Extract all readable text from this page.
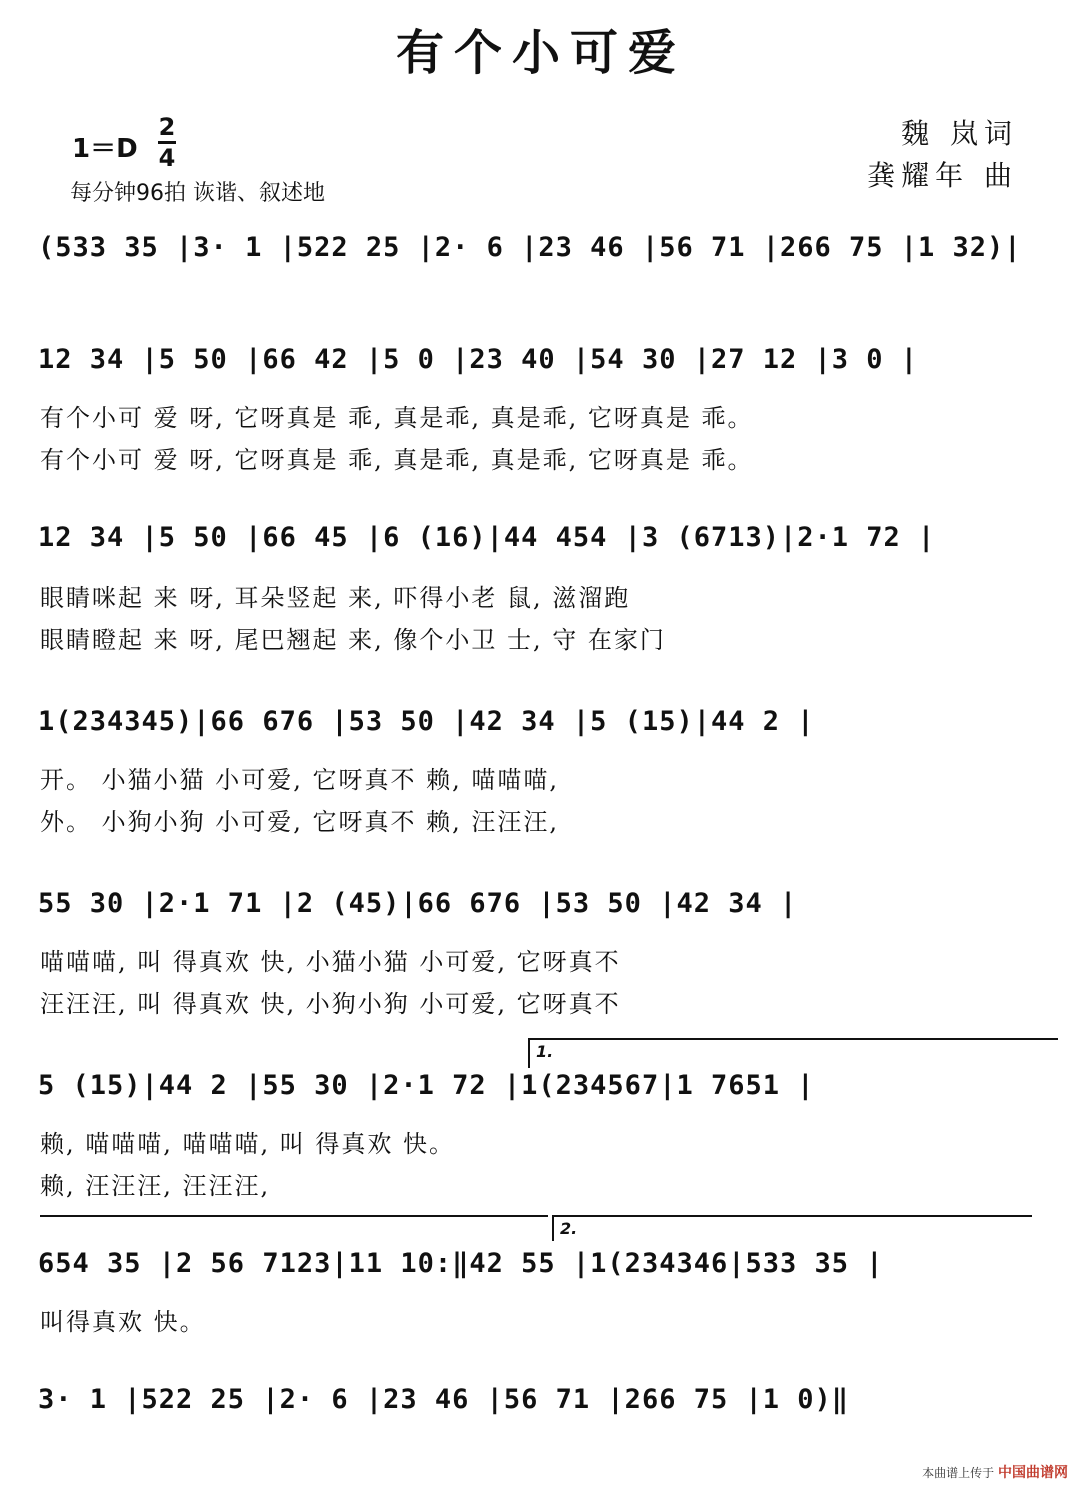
有个小可爱
1＝D
2
4
每分钟96拍 诙谐、叙述地
魏 岚词
龚耀年 曲
(533 35 |3· 1 |522 25 |2· 6 |23 46 |56 71 |266 75 |1 32)|
12 34 |5 50 |66 42 |5 0 |23 40 |54 30 |27 12 |3 0 |
有个小可 爱 呀, 它呀真是 乖, 真是乖, 真是乖, 它呀真是 乖。
有个小可 爱 呀, 它呀真是 乖, 真是乖, 真是乖, 它呀真是 乖。
12 34 |5 50 |66 45 |6 (16)|44 454 |3 (6713)|2·1 72 |
眼睛咪起 来 呀, 耳朵竖起 来, 吓得小老 鼠, 滋溜跑
眼睛瞪起 来 呀, 尾巴翘起 来, 像个小卫 士, 守 在家门
1(234345)|66 676 |53 50 |42 34 |5 (15)|44 2 |
开。 小猫小猫 小可爱, 它呀真不 赖, 喵喵喵,
外。 小狗小狗 小可爱, 它呀真不 赖, 汪汪汪,
55 30 |2·1 71 |2 (45)|66 676 |53 50 |42 34 |
喵喵喵, 叫 得真欢 快, 小猫小猫 小可爱, 它呀真不
汪汪汪, 叫 得真欢 快, 小狗小狗 小可爱, 它呀真不
1.
5 (15)|44 2 |55 30 |2·1 72 |1(234567|1 7651 |
赖, 喵喵喵, 喵喵喵, 叫 得真欢 快。
赖, 汪汪汪, 汪汪汪,
2.
654 35 |2 56 7123|11 10:‖42 55 |1(234346|533 35 |
叫得真欢 快。
3· 1 |522 25 |2· 6 |23 46 |56 71 |266 75 |1 0)‖
本曲谱上传于 中国曲谱网
